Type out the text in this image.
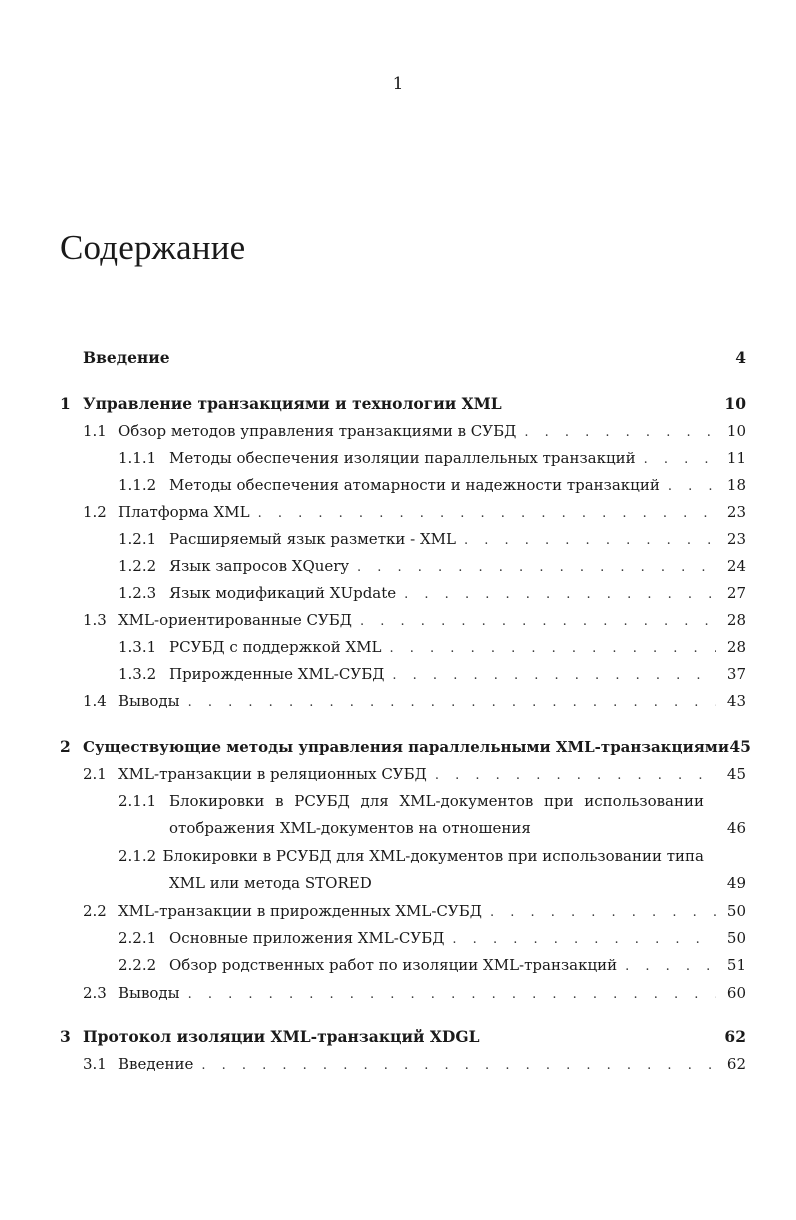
1
Содержание
Введение	4
1 Управление транзакциями и технологии XML	10
1.1 Обзор методов управления транзакциями в СУБД . . .	10
1.1.1 Методы обеспечения изоляции параллельных транзакций . . .	11
1.1.2 Методы обеспечения атомарности и надежности транзакций . . .	18
1.2 Платформа XML . . .	23
1.2.1 Расширяемый язык разметки - XML . . .	23
1.2.2 Язык запросов XQuery . . .	24
1.2.3 Язык модификаций XUpdate . . .	27
1.3 XML-ориентированные СУБД . . .	28
1.3.1 РСУБД с поддержкой XML . . .	28
1.3.2 Прирожденные XML-СУБД . . .	37
1.4 Выводы . . .	43
2 Существующие методы управления параллельными XML-транзакциями 45
2.1 XML-транзакции в реляционных СУБД . . .	45
2.1.1 Блокировки в РСУБД для XML-документов при использовании
отображения XML-документов на отношения	46
2.1.2 Блокировки в РСУБД для XML-документов при использовании типа
XML или метода STORED	49
2.2 XML-транзакции в прирожденных XML-СУБД . . .	50
2.2.1 Основные приложения XML-СУБД . . .	50
2.2.2 Обзор родственных работ по изоляции XML-транзакций . . .	51
2.3 Выводы . . .	60
3 Протокол изоляции XML-транзакций XDGL	62
3.1 Введение . . .	62
